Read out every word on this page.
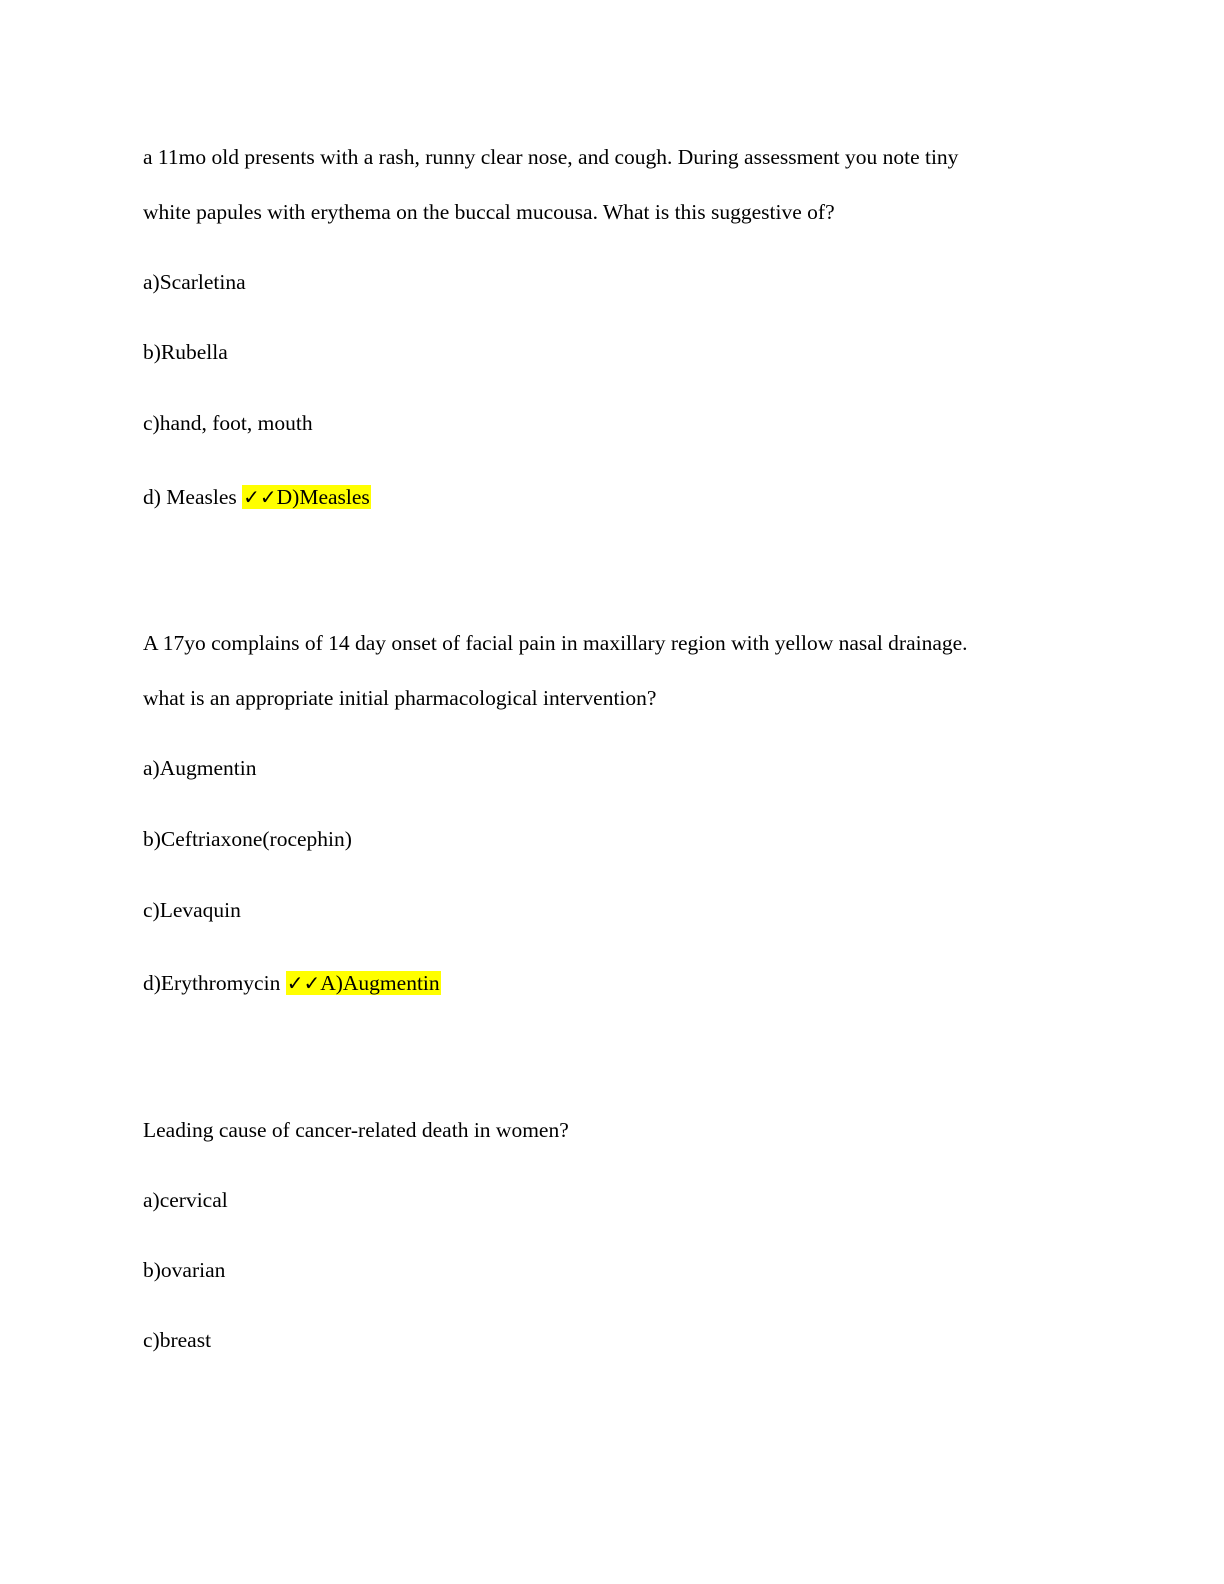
a 11mo old presents with a rash, runny clear nose, and cough. During assessment you note tiny
white papules with erythema on the buccal mucousa. What is this suggestive of?
a)Scarletina
b)Rubella
c)hand, foot, mouth
d) Measles ✓✓D)Measles
A 17yo complains of 14 day onset of facial pain in maxillary region with yellow nasal drainage.
what is an appropriate initial pharmacological intervention?
a)Augmentin
b)Ceftriaxone(rocephin)
c)Levaquin
d)Erythromycin ✓✓A)Augmentin
Leading cause of cancer-related death in women?
a)cervical
b)ovarian
c)breast
